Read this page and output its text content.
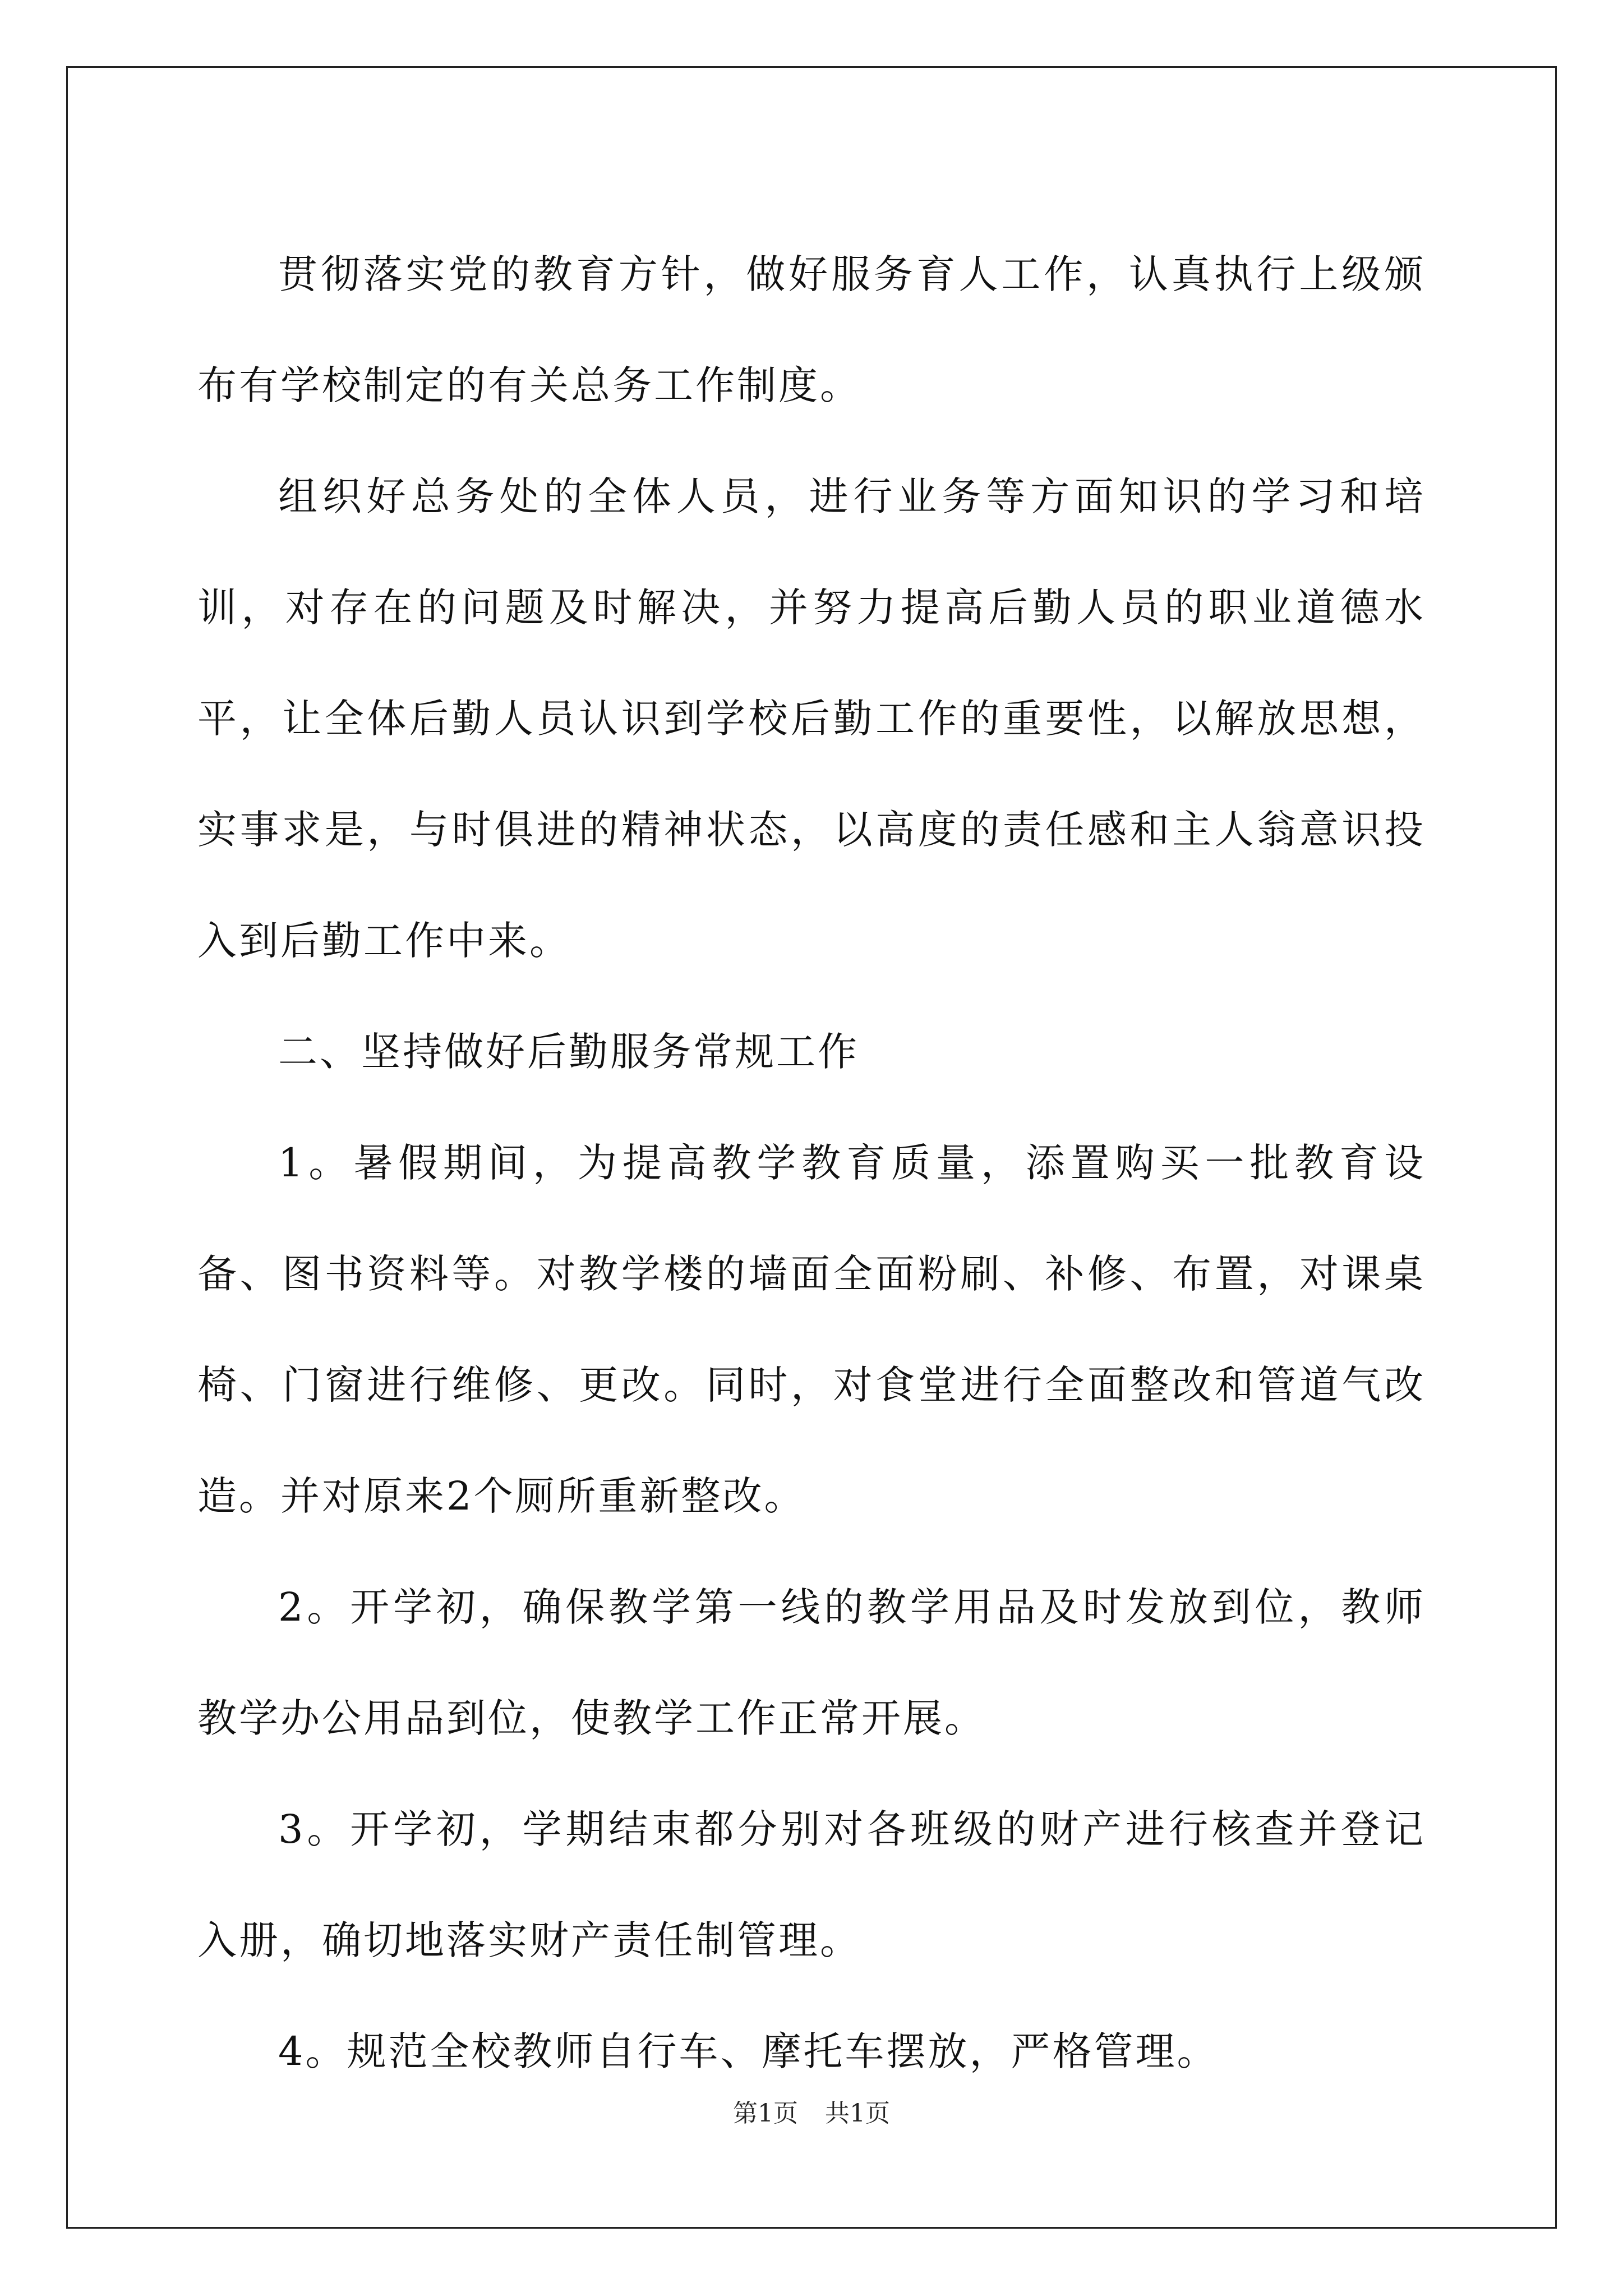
贯彻落实党的教育方针，做好服务育人工作，认真执行上级颁布有学校制定的有关总务工作制度。

组织好总务处的全体人员，进行业务等方面知识的学习和培训，对存在的问题及时解决，并努力提高后勤人员的职业道德水平，让全体后勤人员认识到学校后勤工作的重要性，以解放思想，实事求是，与时俱进的精神状态，以高度的责任感和主人翁意识投入到后勤工作中来。

二、坚持做好后勤服务常规工作

1。暑假期间，为提高教学教育质量，添置购买一批教育设备、图书资料等。对教学楼的墙面全面粉刷、补修、布置，对课桌椅、门窗进行维修、更改。同时，对食堂进行全面整改和管道气改造。并对原来2个厕所重新整改。

2。开学初，确保教学第一线的教学用品及时发放到位，教师教学办公用品到位，使教学工作正常开展。

3。开学初，学期结束都分别对各班级的财产进行核查并登记入册，确切地落实财产责任制管理。

4。规范全校教师自行车、摩托车摆放，严格管理。

第1页 共1页
